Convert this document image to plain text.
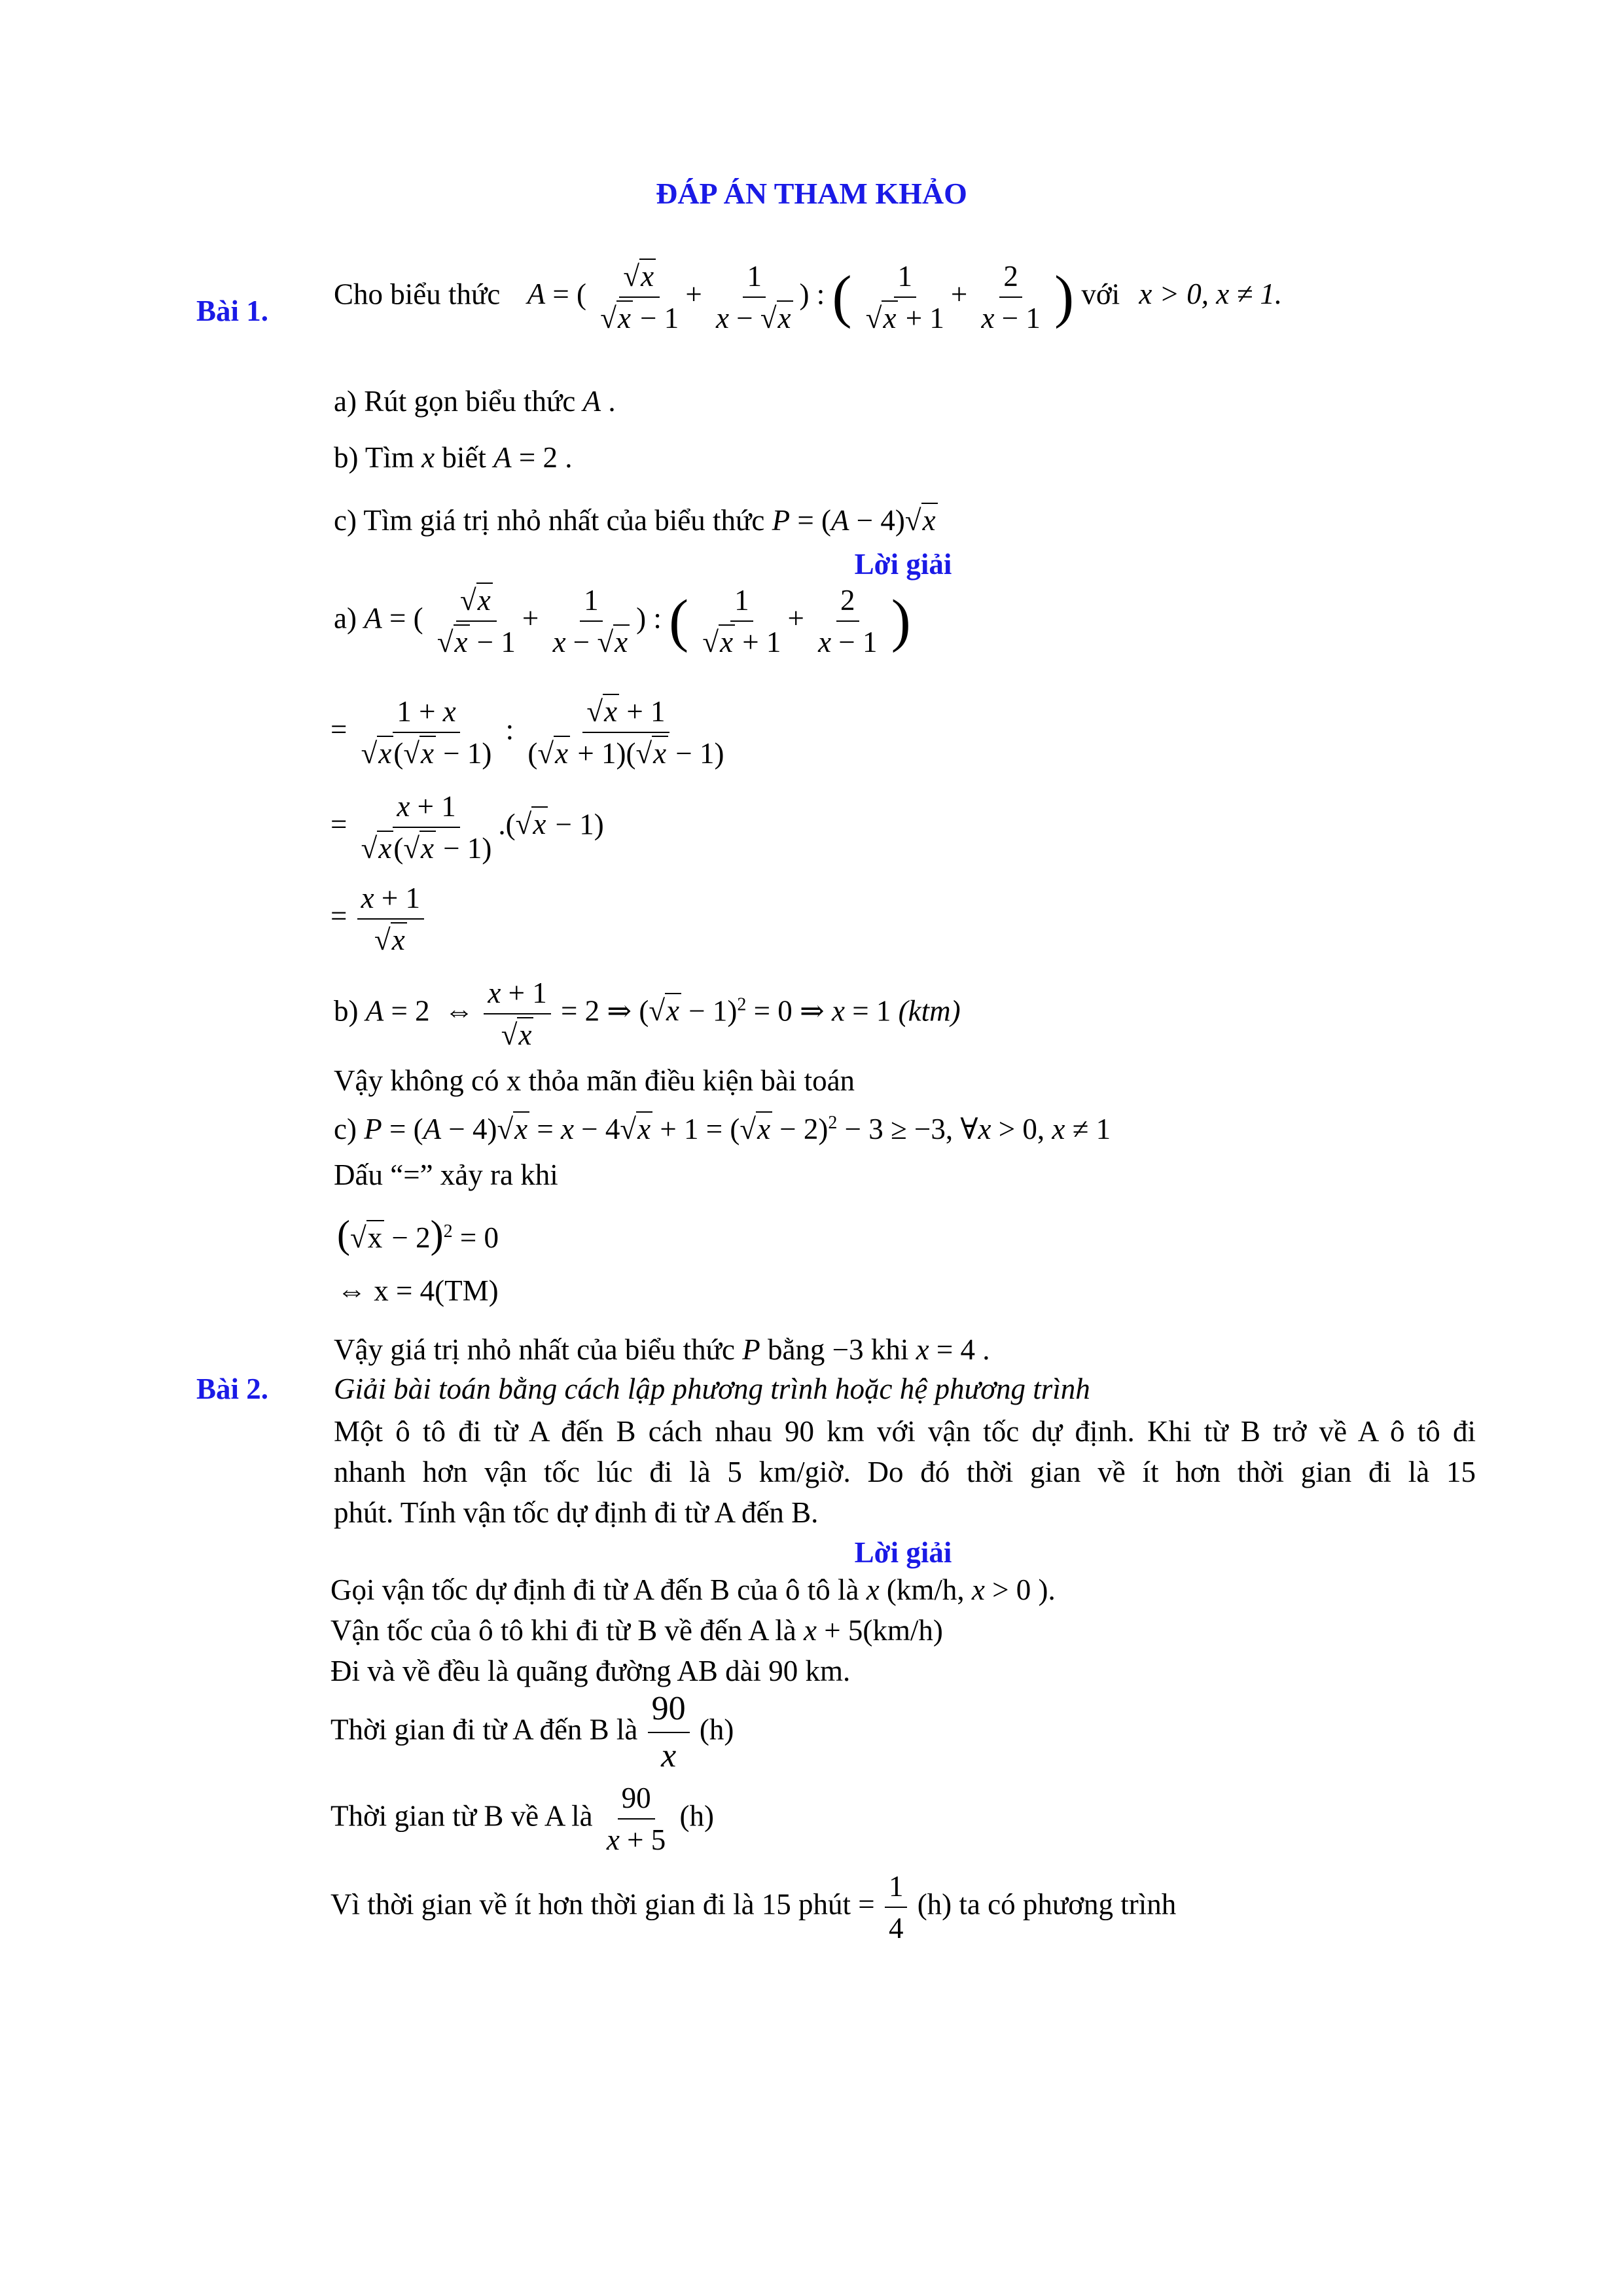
ĐÁP ÁN THAM KHẢO
Bài 1.
Cho biểu thức A = ( $\frac{√x}{√x - 1} + \frac{1}{x - √x}$ ) : ( $\frac{1}{√x + 1} + \frac{2}{x - 1}$ ) với x > 0, x ≠ 1.
a) Rút gọn biểu thức A .
b) Tìm x biết A = 2 .
c) Tìm giá trị nhỏ nhất của biểu thức P = (A − 4)√x
Lời giải
a) A = ( $\frac{√x}{√x - 1} + \frac{1}{x - √x}$ ) : ( $\frac{1}{√x + 1} + \frac{2}{x - 1}$ )
= $\frac{1 + x}{√x(√x - 1)}$ : $\frac{√x + 1}{(√x + 1)(√x - 1)}$
= $\frac{x + 1}{√x(√x - 1)} .(√x - 1)$
= $\frac{x + 1}{√x}$
b) A = 2  ⇔ $\frac{x + 1}{√x} = 2$ ⇒ $(√x - 1)^2 = 0$ ⇒ x = 1 (ktm)
Vậy không có x thỏa mãn điều kiện bài toán
c) $P = (A - 4)√x = x - 4√x + 1 = (√x - 2)^2 - 3 \ge -3$, ∀x > 0, x ≠ 1
Dấu “=” xảy ra khi
$(√x - 2)^2 = 0$
⇔ x = 4(TM)
Vậy giá trị nhỏ nhất của biểu thức P bằng −3 khi x = 4 .
Bài 2. Giải bài toán bằng cách lập phương trình hoặc hệ phương trình
Một ô tô đi từ A đến B cách nhau 90 km với vận tốc dự định. Khi từ B trở về A ô tô đi
nhanh hơn vận tốc lúc đi là 5 km/giờ. Do đó thời gian về ít hơn thời gian đi là 15
phút. Tính vận tốc dự định đi từ A đến B.
Lời giải
Gọi vận tốc dự định đi từ A đến B của ô tô là x (km/h, x > 0 ).
Vận tốc của ô tô khi đi từ B về đến A là x + 5(km/h)
Đi và về đều là quãng đường AB dài 90 km.
Thời gian đi từ A đến B là $\frac{90}{x} (h)$
Thời gian từ B về A là $\frac{90}{x + 5} (h)$
Vì thời gian về ít hơn thời gian đi là 15 phút = $\frac{1}{4} (h)$ ta có phương trình
